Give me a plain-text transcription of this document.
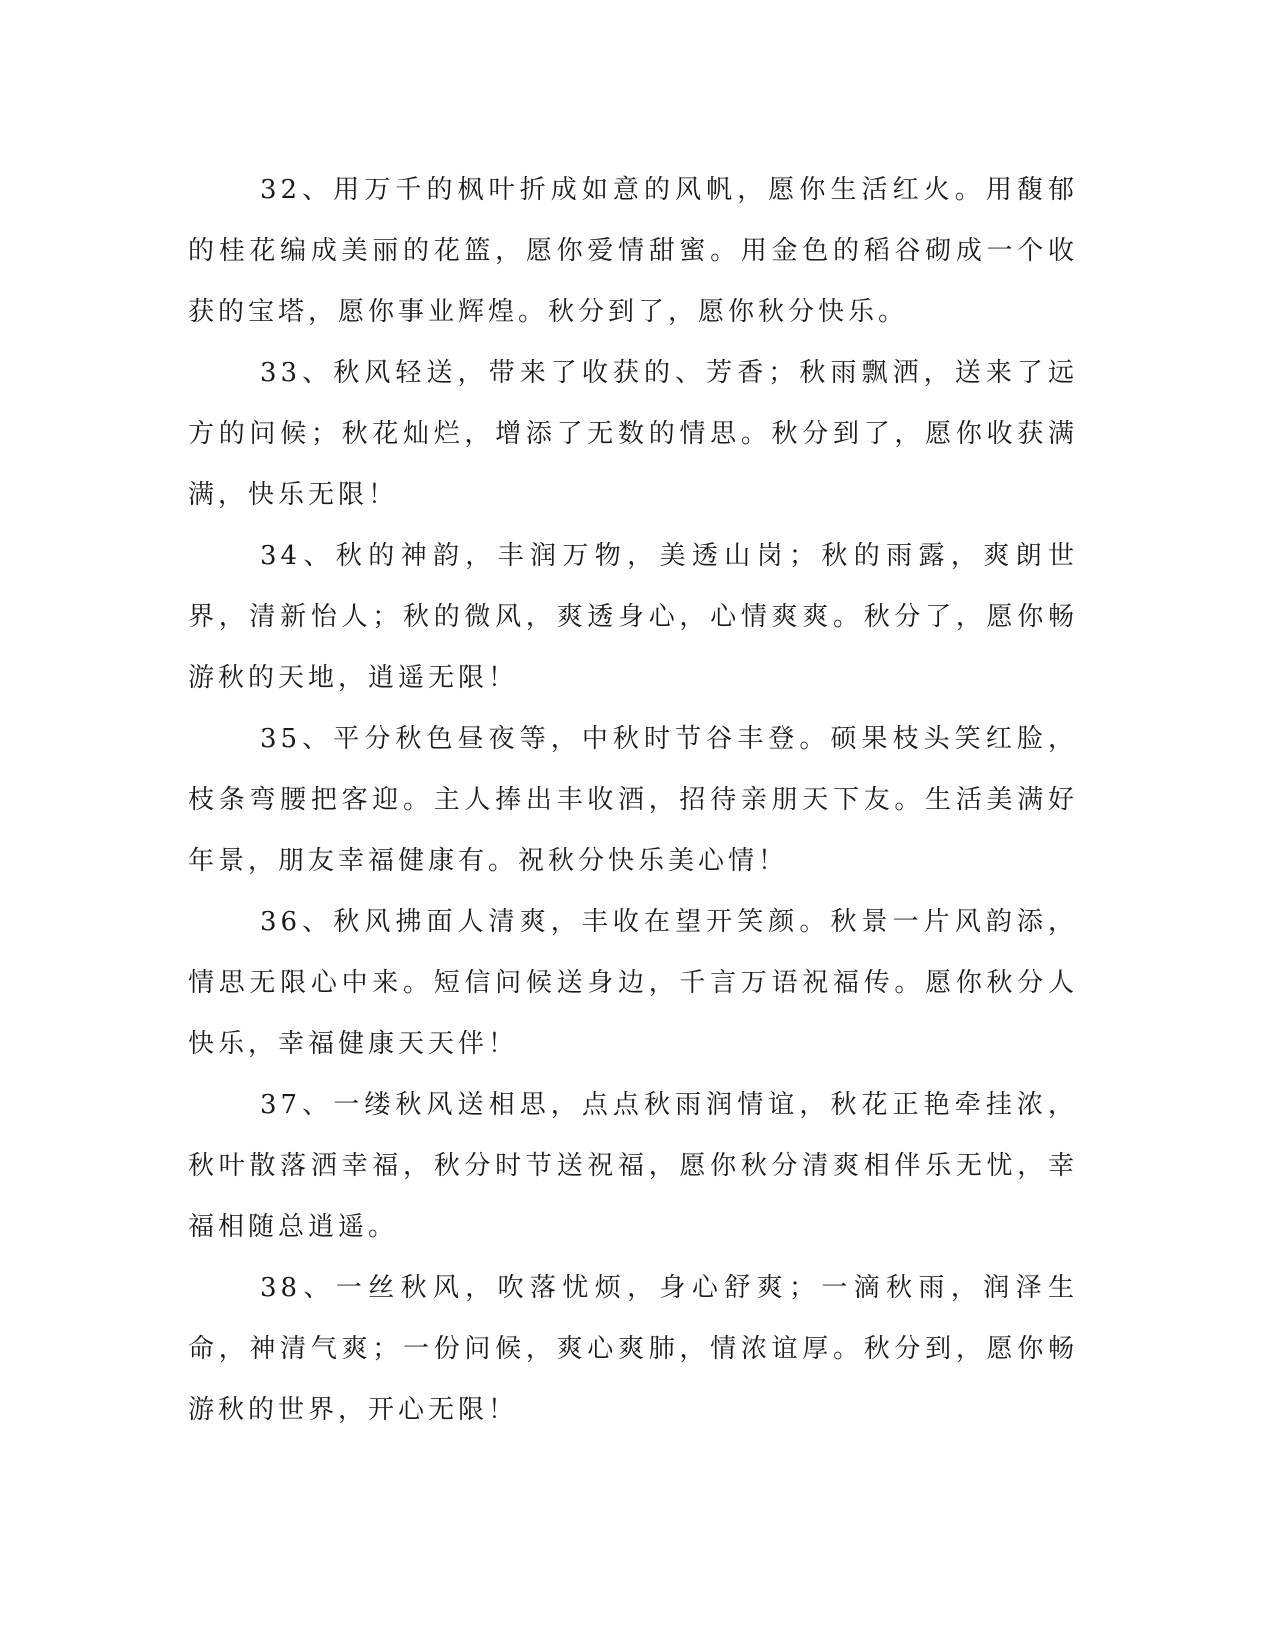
32、用万千的枫叶折成如意的风帆，愿你生活红火。用馥郁的桂花编成美丽的花篮，愿你爱情甜蜜。用金色的稻谷砌成一个收获的宝塔，愿你事业辉煌。秋分到了，愿你秋分快乐。

33、秋风轻送，带来了收获的、芳香；秋雨飘洒，送来了远方的问候；秋花灿烂，增添了无数的情思。秋分到了，愿你收获满满，快乐无限！

34、秋的神韵，丰润万物，美透山岗；秋的雨露，爽朗世界，清新怡人；秋的微风，爽透身心，心情爽爽。秋分了，愿你畅游秋的天地，逍遥无限！

35、平分秋色昼夜等，中秋时节谷丰登。硕果枝头笑红脸，枝条弯腰把客迎。主人捧出丰收酒，招待亲朋天下友。生活美满好年景，朋友幸福健康有。祝秋分快乐美心情！

36、秋风拂面人清爽，丰收在望开笑颜。秋景一片风韵添，情思无限心中来。短信问候送身边，千言万语祝福传。愿你秋分人快乐，幸福健康天天伴！

37、一缕秋风送相思，点点秋雨润情谊，秋花正艳牵挂浓，秋叶散落洒幸福，秋分时节送祝福，愿你秋分清爽相伴乐无忧，幸福相随总逍遥。

38、一丝秋风，吹落忧烦，身心舒爽；一滴秋雨，润泽生命，神清气爽；一份问候，爽心爽肺，情浓谊厚。秋分到，愿你畅游秋的世界，开心无限！
